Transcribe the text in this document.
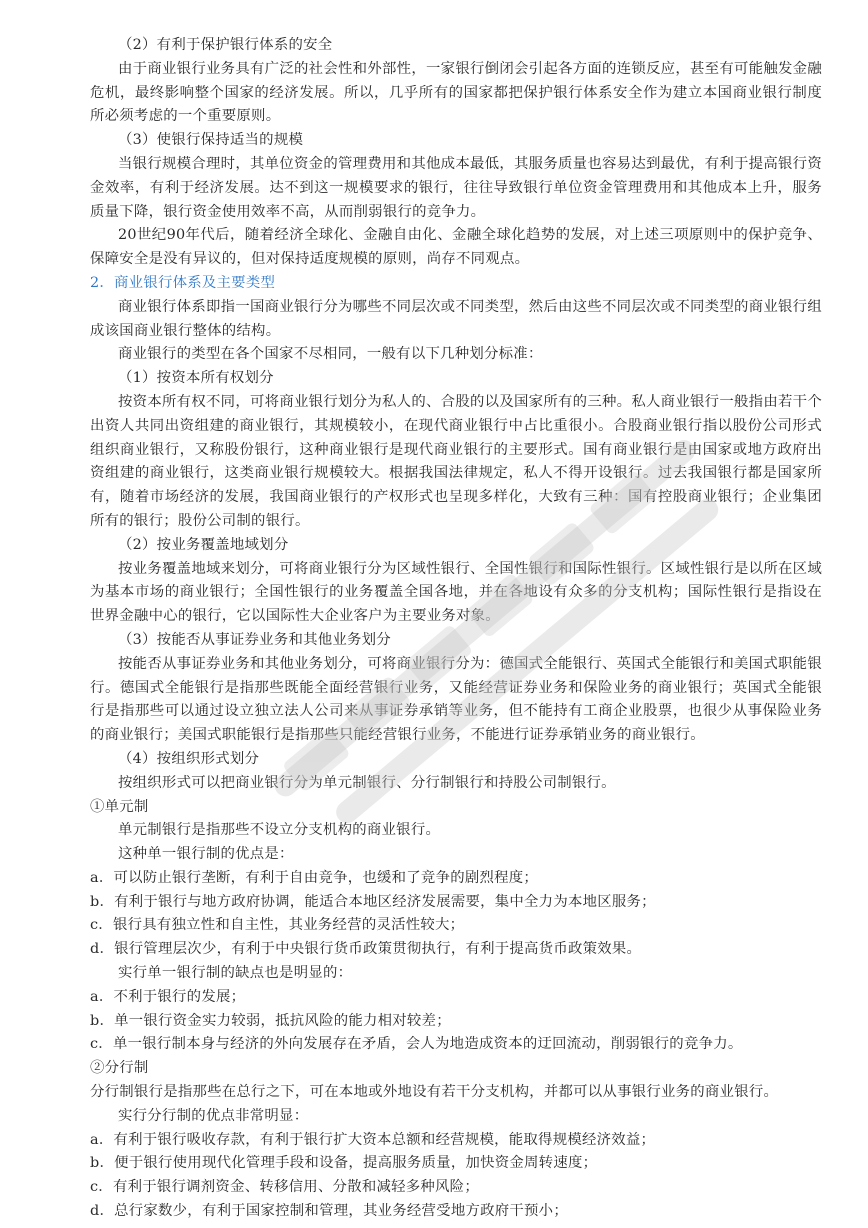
（2）有利于保护银行体系的安全

由于商业银行业务具有广泛的社会性和外部性，一家银行倒闭会引起各方面的连锁反应，甚至有可能触发金融危机，最终影响整个国家的经济发展。所以，几乎所有的国家都把保护银行体系安全作为建立本国商业银行制度所必须考虑的一个重要原则。

（3）使银行保持适当的规模

当银行规模合理时，其单位资金的管理费用和其他成本最低，其服务质量也容易达到最优，有利于提高银行资金效率，有利于经济发展。达不到这一规模要求的银行，往往导致银行单位资金管理费用和其他成本上升，服务质量下降，银行资金使用效率不高，从而削弱银行的竞争力。

20世纪90年代后，随着经济全球化、金融自由化、金融全球化趋势的发展，对上述三项原则中的保护竞争、保障安全是没有异议的，但对保持适度规模的原则，尚存不同观点。

2．商业银行体系及主要类型

商业银行体系即指一国商业银行分为哪些不同层次或不同类型，然后由这些不同层次或不同类型的商业银行组成该国商业银行整体的结构。

商业银行的类型在各个国家不尽相同，一般有以下几种划分标准：

（1）按资本所有权划分

按资本所有权不同，可将商业银行划分为私人的、合股的以及国家所有的三种。私人商业银行一般指由若干个出资人共同出资组建的商业银行，其规模较小，在现代商业银行中占比重很小。合股商业银行指以股份公司形式组织商业银行，又称股份银行，这种商业银行是现代商业银行的主要形式。国有商业银行是由国家或地方政府出资组建的商业银行，这类商业银行规模较大。根据我国法律规定，私人不得开设银行。过去我国银行都是国家所有，随着市场经济的发展，我国商业银行的产权形式也呈现多样化，大致有三种：国有控股商业银行；企业集团所有的银行；股份公司制的银行。

（2）按业务覆盖地域划分

按业务覆盖地域来划分，可将商业银行分为区域性银行、全国性银行和国际性银行。区域性银行是以所在区域为基本市场的商业银行；全国性银行的业务覆盖全国各地，并在各地设有众多的分支机构；国际性银行是指设在世界金融中心的银行，它以国际性大企业客户为主要业务对象。

（3）按能否从事证券业务和其他业务划分

按能否从事证券业务和其他业务划分，可将商业银行分为：德国式全能银行、英国式全能银行和美国式职能银行。德国式全能银行是指那些既能全面经营银行业务，又能经营证券业务和保险业务的商业银行；英国式全能银行是指那些可以通过设立独立法人公司来从事证券承销等业务，但不能持有工商企业股票，也很少从事保险业务的商业银行；美国式职能银行是指那些只能经营银行业务，不能进行证券承销业务的商业银行。

（4）按组织形式划分

按组织形式可以把商业银行分为单元制银行、分行制银行和持股公司制银行。

①单元制

单元制银行是指那些不设立分支机构的商业银行。

这种单一银行制的优点是：

a．可以防止银行垄断，有利于自由竞争，也缓和了竞争的剧烈程度；

b．有利于银行与地方政府协调，能适合本地区经济发展需要，集中全力为本地区服务；

c．银行具有独立性和自主性，其业务经营的灵活性较大；

d．银行管理层次少，有利于中央银行货币政策贯彻执行，有利于提高货币政策效果。

实行单一银行制的缺点也是明显的：

a．不利于银行的发展；

b．单一银行资金实力较弱，抵抗风险的能力相对较差；

c．单一银行制本身与经济的外向发展存在矛盾，会人为地造成资本的迂回流动，削弱银行的竞争力。

②分行制

分行制银行是指那些在总行之下，可在本地或外地设有若干分支机构，并都可以从事银行业务的商业银行。

实行分行制的优点非常明显：

a．有利于银行吸收存款，有利于银行扩大资本总额和经营规模，能取得规模经济效益；

b．便于银行使用现代化管理手段和设备，提高服务质量，加快资金周转速度；

c．有利于银行调剂资金、转移信用、分散和减轻多种风险；

d．总行家数少，有利于国家控制和管理，其业务经营受地方政府干预小；
